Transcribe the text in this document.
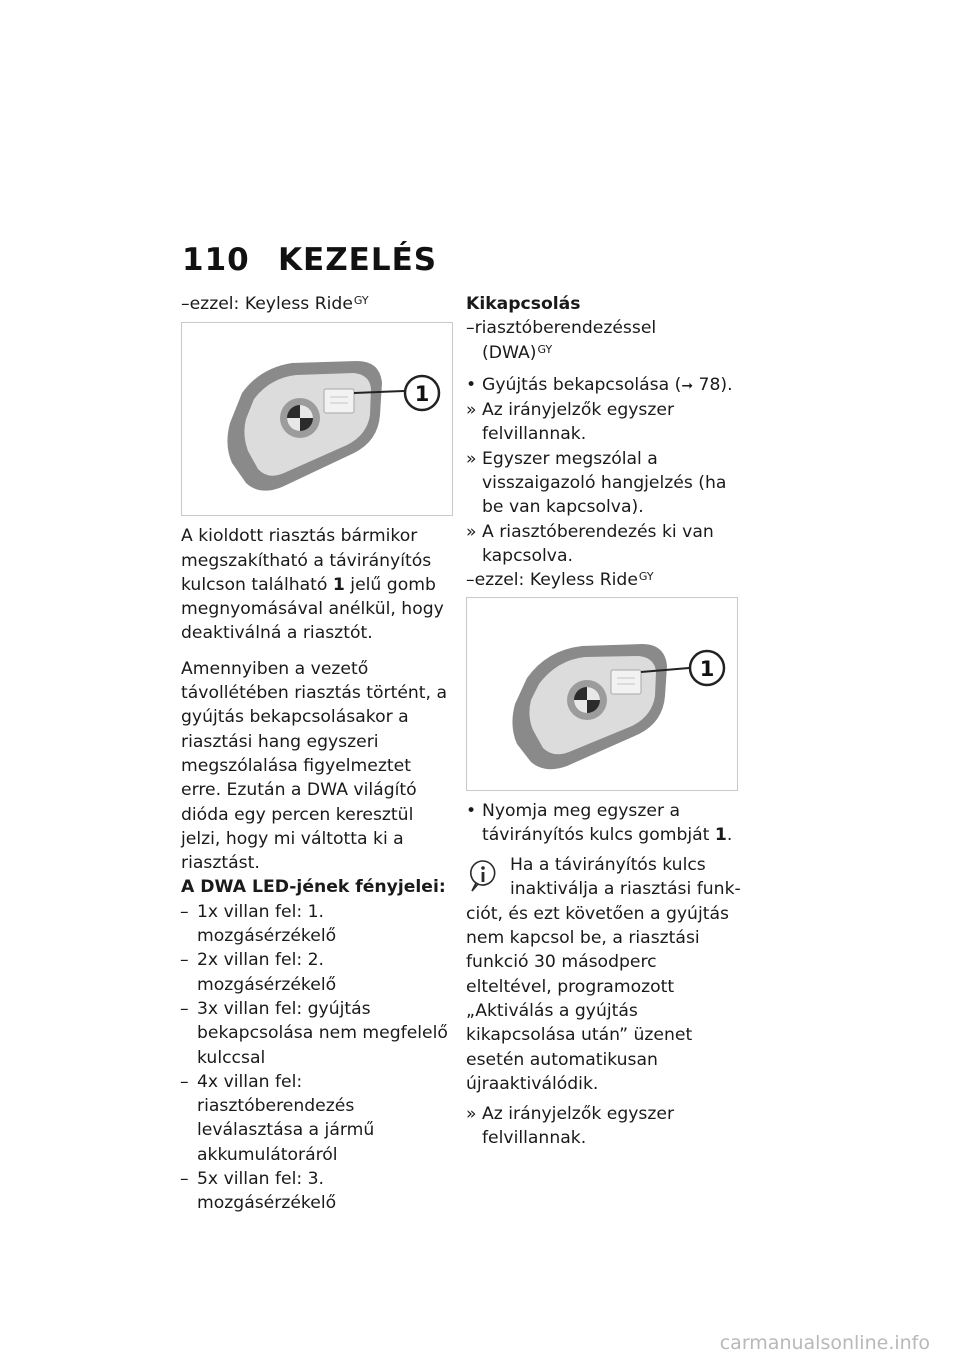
110 KEZELÉS

–ezzel: Keyless Ride$^{GY}$

1

A kioldott riasztás bármikor megszakítható a távirányítós kulcson található 1 jelű gomb megnyomásával anélkül, hogy deaktiválná a riasztót.

Amennyiben a vezető távollétében riasztás történt, a gyújtás bekapcsolásakor a riasztási hang egyszeri megszólalása figyelmeztet erre. Ezután a DWA világító dióda egy percen keresztül jelzi, hogy mi váltotta ki a riasztást.

A DWA LED-jének fényjelei:

– 1x villan fel: 1. mozgásérzékelő

– 2x villan fel: 2. mozgásérzékelő

– 3x villan fel: gyújtás bekapcsolása nem megfelelő kulccsal

– 4x villan fel: riasztóberendezés leválasztása a jármű akkumulátoráról

– 5x villan fel: 3. mozgásérzékelő

Kikapcsolás

–riasztóberendezéssel

(DWA)$^{GY}$

• Gyújtás bekapcsolása (➞ 78).

» Az irányjelzők egyszer felvillannak.

» Egyszer megszólal a visszaigazoló hangjelzés (ha be van kapcsolva).

» A riasztóberendezés ki van kapcsolva.

–ezzel: Keyless Ride$^{GY}$

1

• Nyomja meg egyszer a távirányítós kulcs gombját 1.

Ha a távirányítós kulcs

inaktiválja a riasztási funk-

ciót, és ezt követően a gyújtás nem kapcsol be, a riasztási funkció 30 másodperc elteltével, programozott „Aktiválás a gyújtás kikapcsolása után” üzenet esetén automatikusan újraaktiválódik.

» Az irányjelzők egyszer felvillannak.

carmanualsonline.info
